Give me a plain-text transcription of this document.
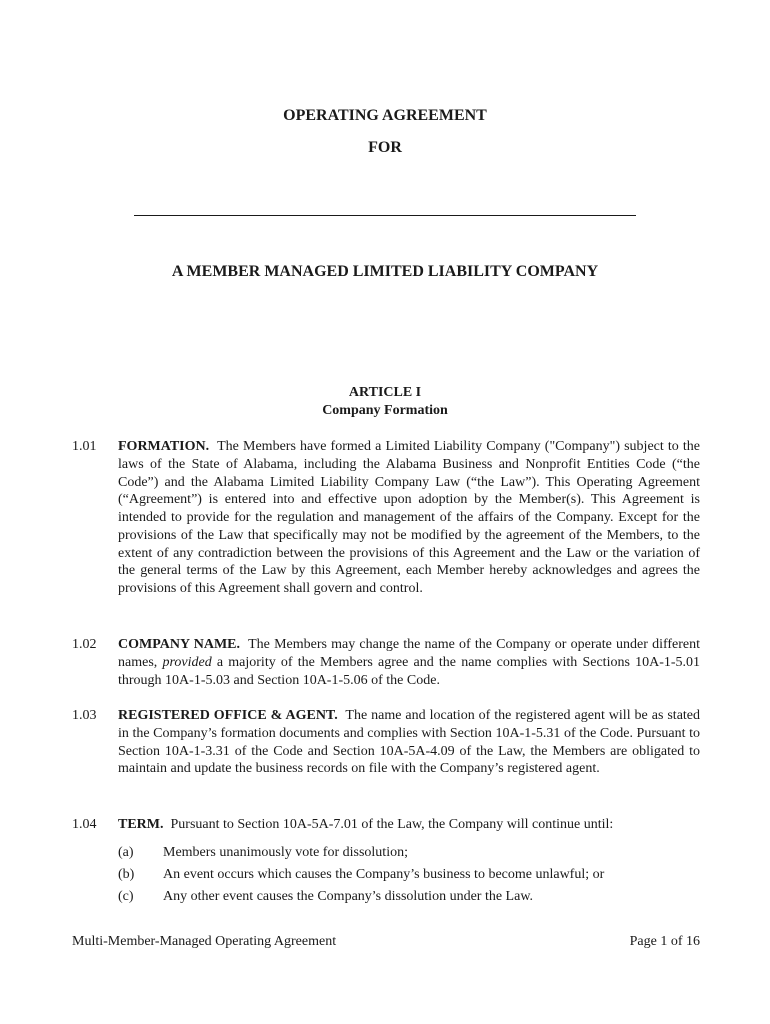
OPERATING AGREEMENT
FOR
A MEMBER MANAGED LIMITED LIABILITY COMPANY
ARTICLE I
Company Formation
1.01	FORMATION. The Members have formed a Limited Liability Company ("Company") subject to the laws of the State of Alabama, including the Alabama Business and Nonprofit Entities Code (“the Code”) and the Alabama Limited Liability Company Law (“the Law”). This Operating Agreement (“Agreement”) is entered into and effective upon adoption by the Member(s). This Agreement is intended to provide for the regulation and management of the affairs of the Company. Except for the provisions of the Law that specifically may not be modified by the agreement of the Members, to the extent of any contradiction between the provisions of this Agreement and the Law or the variation of the general terms of the Law by this Agreement, each Member hereby acknowledges and agrees the provisions of this Agreement shall govern and control.
1.02	COMPANY NAME. The Members may change the name of the Company or operate under different names, provided a majority of the Members agree and the name complies with Sections 10A-1-5.01 through 10A-1-5.03 and Section 10A-1-5.06 of the Code.
1.03	REGISTERED OFFICE & AGENT. The name and location of the registered agent will be as stated in the Company’s formation documents and complies with Section 10A-1-5.31 of the Code. Pursuant to Section 10A-1-3.31 of the Code and Section 10A-5A-4.09 of the Law, the Members are obligated to maintain and update the business records on file with the Company’s registered agent.
1.04	TERM. Pursuant to Section 10A-5A-7.01 of the Law, the Company will continue until:
(a) Members unanimously vote for dissolution;
(b) An event occurs which causes the Company’s business to become unlawful; or
(c) Any other event causes the Company’s dissolution under the Law.
Multi-Member-Managed Operating Agreement	Page 1 of 16
